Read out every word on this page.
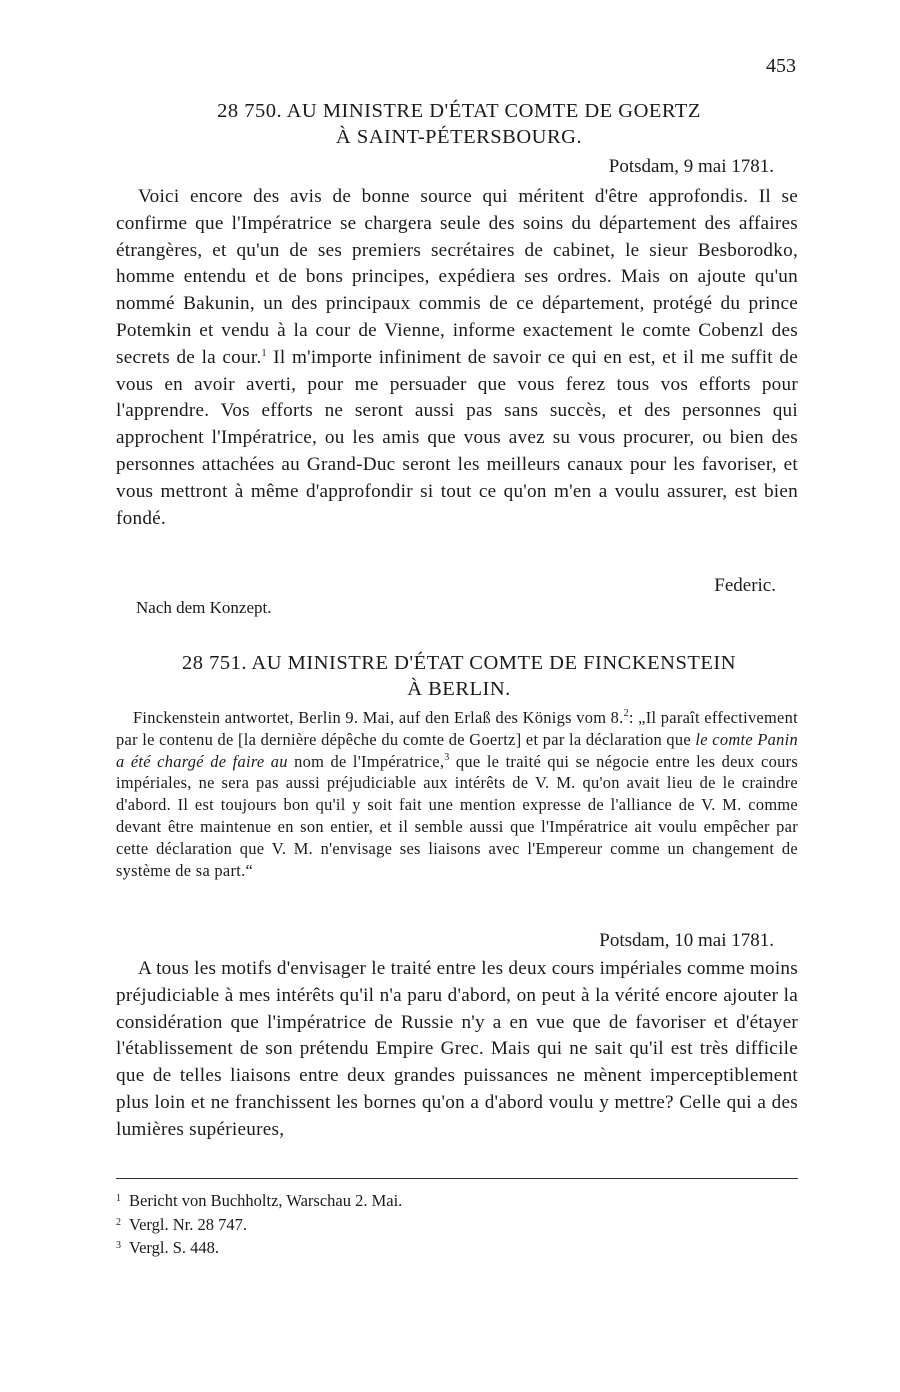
453
28 750. AU MINISTRE D'ÉTAT COMTE DE GOERTZ
À SAINT-PÉTERSBOURG.
Potsdam, 9 mai 1781.

Voici encore des avis de bonne source qui méritent d'être approfondis. Il se confirme que l'Impératrice se chargera seule des soins du département des affaires étrangères, et qu'un de ses premiers secrétaires de cabinet, le sieur Besborodko, homme entendu et de bons principes, expédiera ses ordres. Mais on ajoute qu'un nommé Bakunin, un des principaux commis de ce département, protégé du prince Potemkin et vendu à la cour de Vienne, informe exactement le comte Cobenzl des secrets de la cour.$^1$ Il m'importe infiniment de savoir ce qui en est, et il me suffit de vous en avoir averti, pour me persuader que vous ferez tous vos efforts pour l'apprendre. Vos efforts ne seront aussi pas sans succès, et des personnes qui approchent l'Impératrice, ou les amis que vous avez su vous procurer, ou bien des personnes attachées au Grand-Duc seront les meilleurs canaux pour les favoriser, et vous mettront à même d'approfondir si tout ce qu'on m'en a voulu assurer, est bien fondé.

Federic.
Nach dem Konzept.
28 751. AU MINISTRE D'ÉTAT COMTE DE FINCKENSTEIN
À BERLIN.

Finckenstein antwortet, Berlin 9. Mai, auf den Erlaß des Königs vom 8.$^2$: „Il paraît effectivement par le contenu de [la dernière dépêche du comte de Goertz] et par la déclaration que le comte Panin a été chargé de faire au nom de l'Impératrice,$^3$ que le traité qui se négocie entre les deux cours impériales, ne sera pas aussi préjudiciable aux intérêts de V. M. qu'on avait lieu de le craindre d'abord. Il est toujours bon qu'il y soit fait une mention expresse de l'alliance de V. M. comme devant être maintenue en son entier, et il semble aussi que l'Impératrice ait voulu empêcher par cette déclaration que V. M. n'envisage ses liaisons avec l'Empereur comme un changement de système de sa part.“

Potsdam, 10 mai 1781.

A tous les motifs d'envisager le traité entre les deux cours impériales comme moins préjudiciable à mes intérêts qu'il n'a paru d'abord, on peut à la vérité encore ajouter la considération que l'impératrice de Russie n'y a en vue que de favoriser et d'étayer l'établissement de son prétendu Empire Grec. Mais qui ne sait qu'il est très difficile que de telles liaisons entre deux grandes puissances ne mènent imperceptiblement plus loin et ne franchissent les bornes qu'on a d'abord voulu y mettre? Celle qui a des lumières supérieures,

$^1$ Bericht von Buchholtz, Warschau 2. Mai.
$^2$ Vergl. Nr. 28 747.
$^3$ Vergl. S. 448.
